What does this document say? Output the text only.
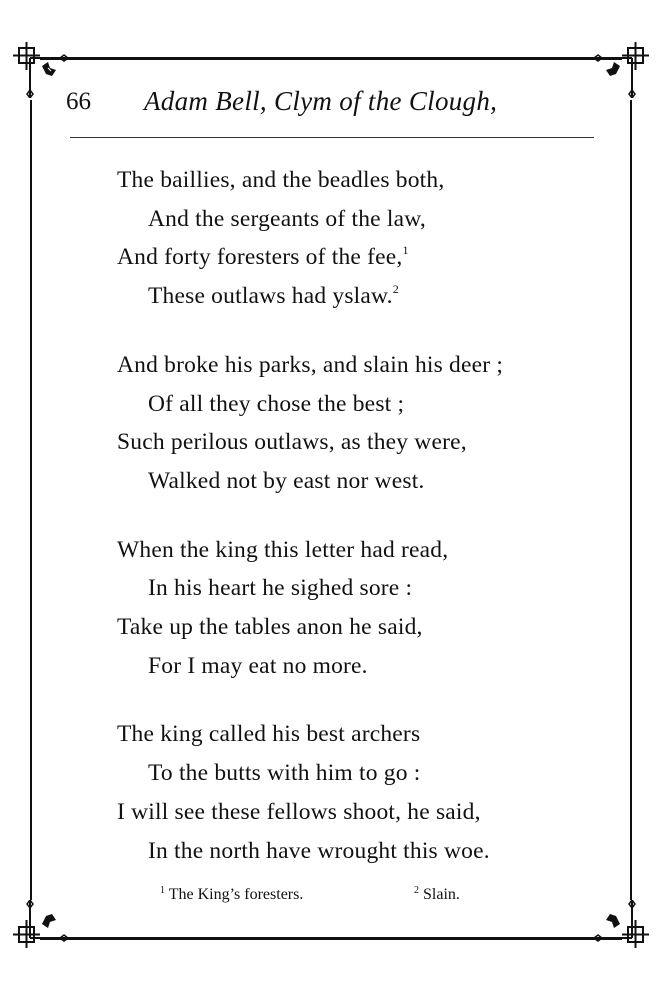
66 Adam Bell, Clym of the Clough,
The baillies, and the beadles both,
And the sergeants of the law,
And forty foresters of the fee,$^1$
These outlaws had yslaw.$^2$
And broke his parks, and slain his deer ;
Of all they chose the best ;
Such perilous outlaws, as they were,
Walked not by east nor west.
When the king this letter had read,
In his heart he sighed sore :
Take up the tables anon he said,
For I may eat no more.
The king called his best archers
To the butts with him to go :
I will see these fellows shoot, he said,
In the north have wrought this woe.
$^1$ The King’s foresters.	$^2$ Slain.
